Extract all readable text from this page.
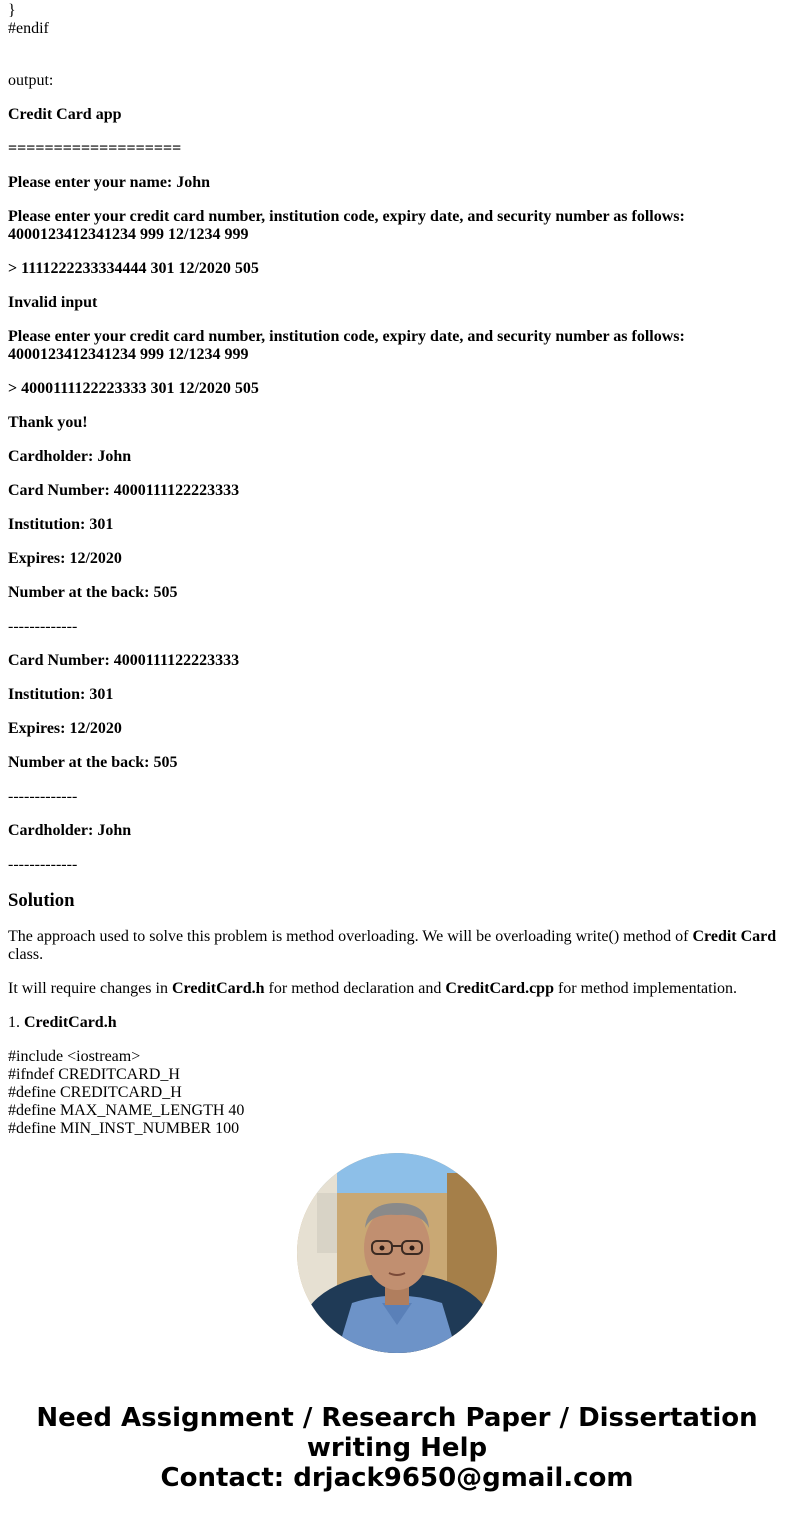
}
#endif

output:

Credit Card app

===================

Please enter your name: John

Please enter your credit card number, institution code, expiry date, and security number as follows:
4000123412341234 999 12/1234 999

> 1111222233334444 301 12/2020 505

Invalid input

Please enter your credit card number, institution code, expiry date, and security number as follows:
4000123412341234 999 12/1234 999

> 4000111122223333 301 12/2020 505

Thank you!

Cardholder: John

Card Number: 4000111122223333

Institution: 301

Expires: 12/2020

Number at the back: 505

-------------

Card Number: 4000111122223333

Institution: 301

Expires: 12/2020

Number at the back: 505

-------------

Cardholder: John

-------------

Solution

The approach used to solve this problem is method overloading. We will be overloading write() method of Credit Card class.

It will require changes in CreditCard.h for method declaration and CreditCard.cpp for method implementation.

1. CreditCard.h

#include <iostream>
#ifndef CREDITCARD_H
#define CREDITCARD_H
#define MAX_NAME_LENGTH 40
#define MIN_INST_NUMBER 100
Need Assignment / Research Paper / Dissertation
writing Help
Contact: drjack9650@gmail.com
